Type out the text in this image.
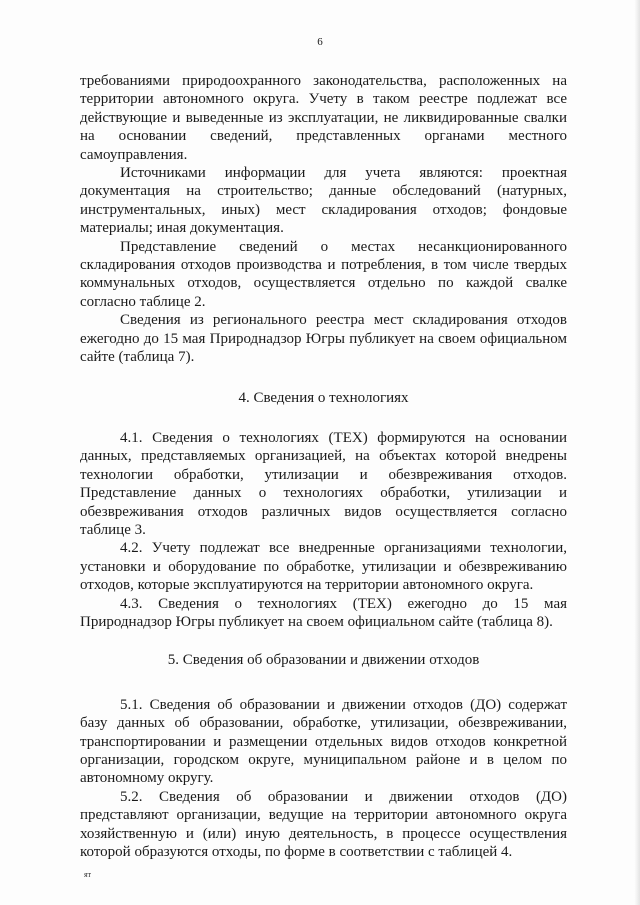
6

требованиями природоохранного законодательства, расположенных на территории автономного округа. Учету в таком реестре подлежат все действующие и выведенные из эксплуатации, не ликвидированные свалки на основании сведений, представленных органами местного самоуправления.

Источниками информации для учета являются: проектная документация на строительство; данные обследований (натурных, инструментальных, иных) мест складирования отходов; фондовые материалы; иная документация.

Представление сведений о местах несанкционированного складирования отходов производства и потребления, в том числе твердых коммунальных отходов, осуществляется отдельно по каждой свалке согласно таблице 2.

Сведения из регионального реестра мест складирования отходов ежегодно до 15 мая Природнадзор Югры публикует на своем официальном сайте (таблица 7).

4. Сведения о технологиях

4.1. Сведения о технологиях (ТЕХ) формируются на основании данных, представляемых организацией, на объектах которой внедрены технологии обработки, утилизации и обезвреживания отходов. Представление данных о технологиях обработки, утилизации и обезвреживания отходов различных видов осуществляется согласно таблице 3.

4.2. Учету подлежат все внедренные организациями технологии, установки и оборудование по обработке, утилизации и обезвреживанию отходов, которые эксплуатируются на территории автономного округа.

4.3. Сведения о технологиях (ТЕХ) ежегодно до 15 мая Природнадзор Югры публикует на своем официальном сайте (таблица 8).

5. Сведения об образовании и движении отходов

5.1. Сведения об образовании и движении отходов (ДО) содержат базу данных об образовании, обработке, утилизации, обезвреживании, транспортировании и размещении отдельных видов отходов конкретной организации, городском округе, муниципальном районе и в целом по автономному округу.

5.2. Сведения об образовании и движении отходов (ДО) представляют организации, ведущие на территории автономного округа хозяйственную и (или) иную деятельность, в процессе осуществления которой образуются отходы, по форме в соответствии с таблицей 4.

ят
